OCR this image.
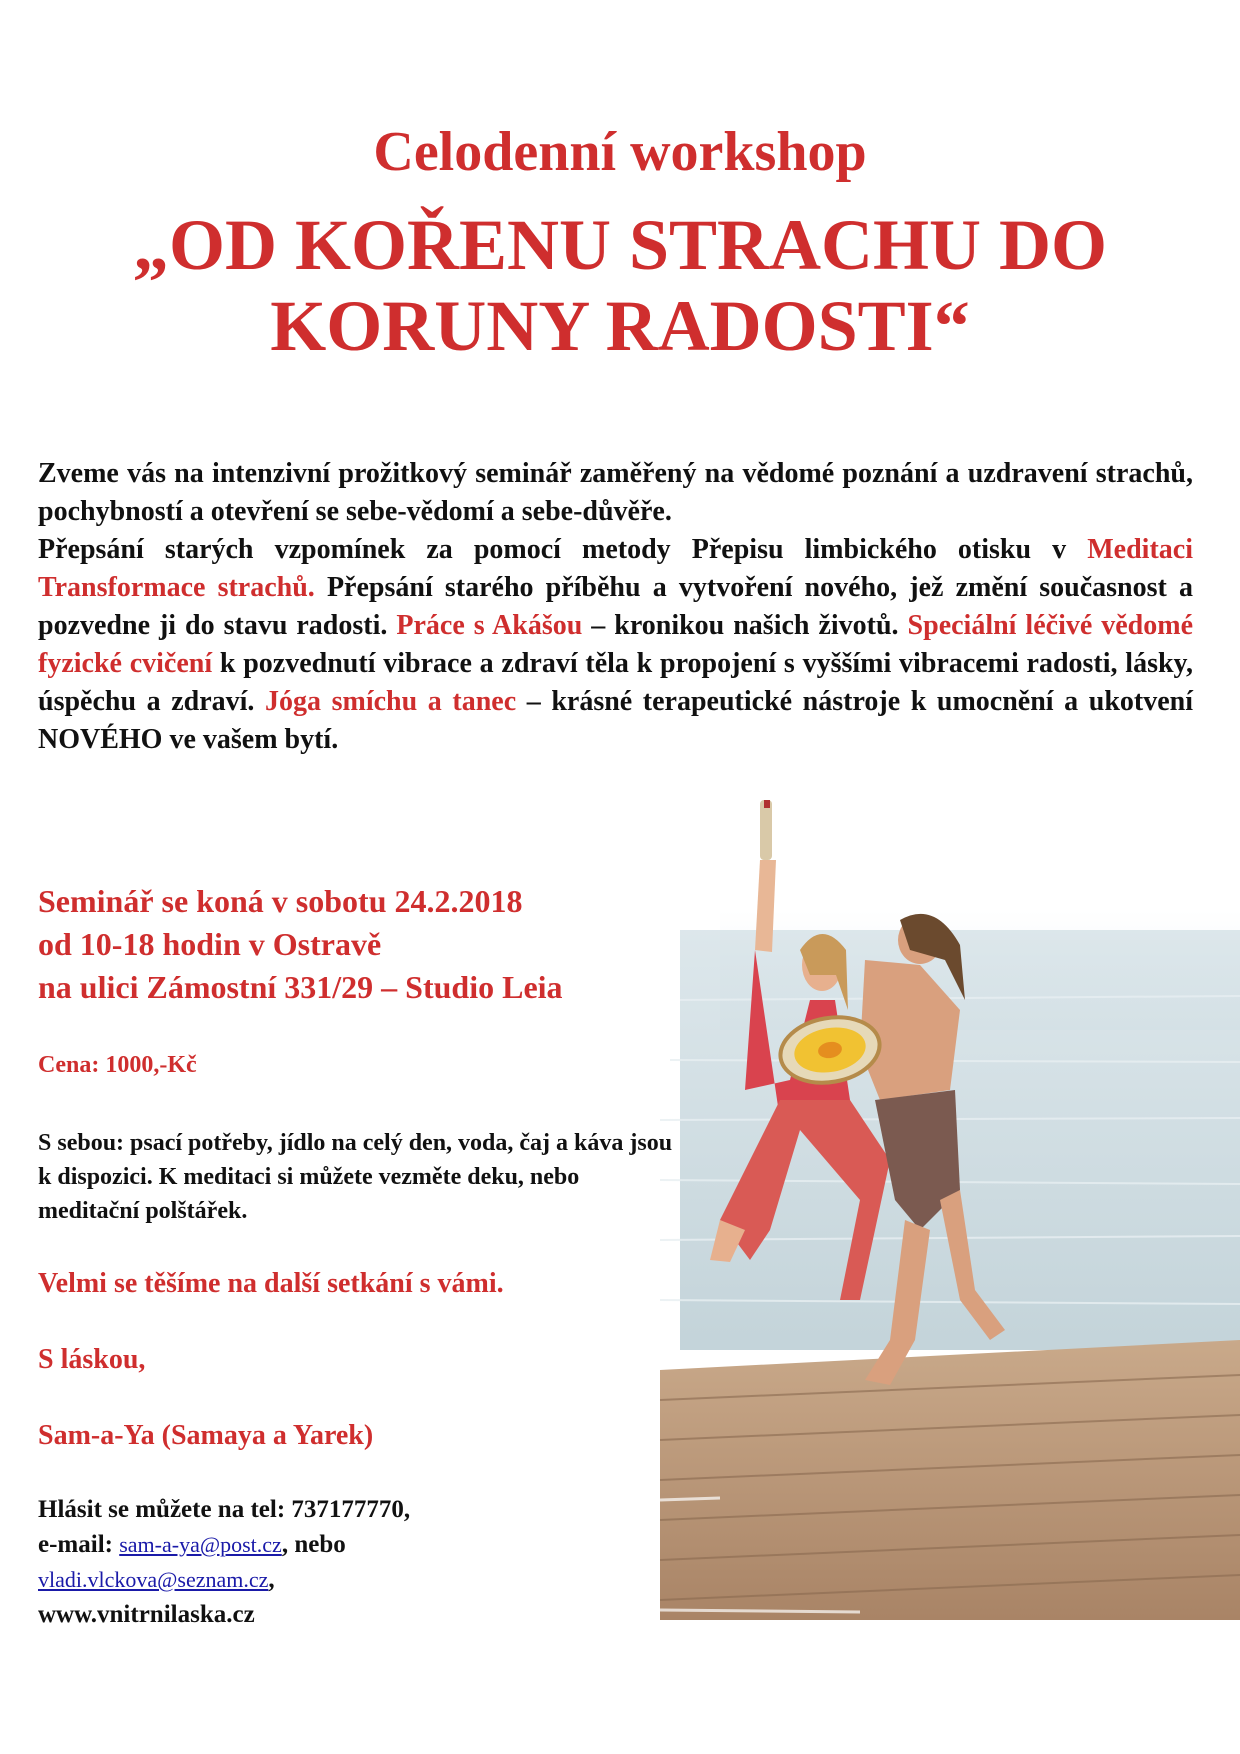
Celodenní workshop
„OD KOŘENU STRACHU DO
KORUNY RADOSTI“
Zveme vás na intenzivní prožitkový seminář zaměřený na vědomé poznání a uzdravení strachů, pochybností a otevření se sebe-vědomí a sebe-důvěře.
Přepsání starých vzpomínek za pomocí metody Přepisu limbického otisku v Meditaci Transformace strachů. Přepsání starého příběhu a vytvoření nového, jež změní současnost a pozvedne ji do stavu radosti. Práce s Akášou – kronikou našich životů. Speciální léčivé vědomé fyzické cvičení k pozvednutí vibrace a zdraví těla k propojení s vyššími vibracemi radosti, lásky, úspěchu a zdraví. Jóga smíchu a tanec – krásné terapeutické nástroje k umocnění a ukotvení NOVÉHO ve vašem bytí.
Seminář se koná v sobotu 24.2.2018
od 10-18 hodin v Ostravě
na ulici Zámostní 331/29 – Studio Leia
Cena: 1000,-Kč
S sebou: psací potřeby, jídlo na celý den, voda, čaj a káva jsou k dispozici. K meditaci si můžete vezměte deku, nebo meditační polštářek.
Velmi se těšíme na další setkání s vámi.
S láskou,
Sam-a-Ya (Samaya a Yarek)
Hlásit se můžete na tel: 737177770,
e-mail: sam-a-ya@post.cz, nebo
vladi.vlckova@seznam.cz,
www.vnitrnilaska.cz
